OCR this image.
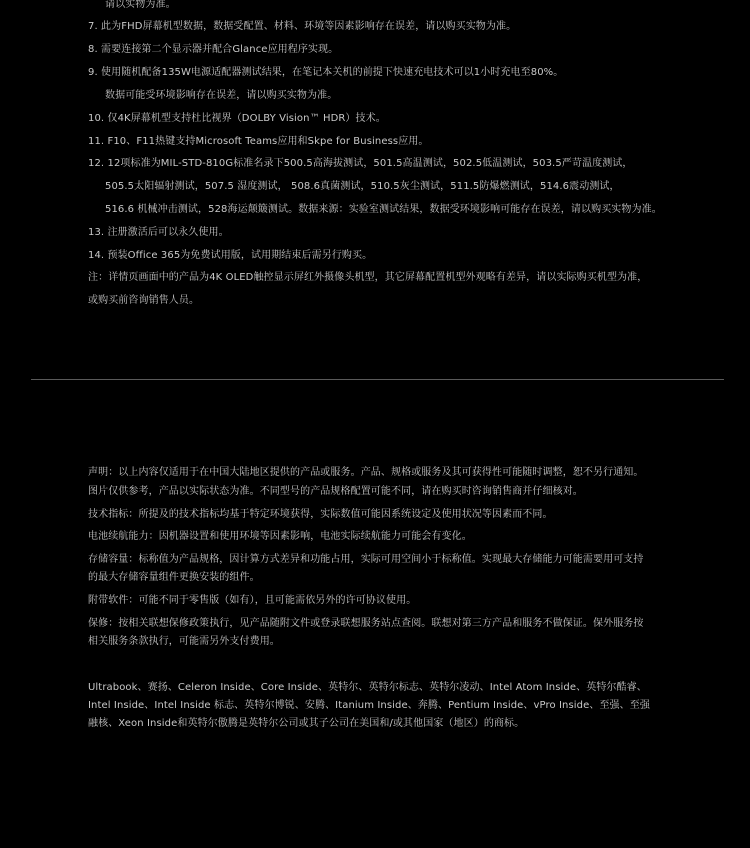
请以实物为准。
7. 此为FHD屏幕机型数据，数据受配置、材料、环境等因素影响存在误差，请以购买实物为准。
8. 需要连接第二个显示器并配合Glance应用程序实现。
9. 使用随机配备135W电源适配器测试结果，在笔记本关机的前提下快速充电技术可以1小时充电至80%。
数据可能受环境影响存在误差，请以购买实物为准。
10. 仅4K屏幕机型支持杜比视界（DOLBY Vision™ HDR）技术。
11. F10、F11热键支持Microsoft Teams应用和Skpe for Business应用。
12. 12项标准为MIL-STD-810G标准名录下500.5高海拔测试，501.5高温测试，502.5低温测试，503.5严苛温度测试，
505.5太阳辐射测试，507.5 湿度测试， 508.6真菌测试，510.5灰尘测试，511.5防爆燃测试，514.6震动测试，
516.6 机械冲击测试，528海运颠簸测试。数据来源：实验室测试结果，数据受环境影响可能存在误差，请以购买实物为准。
13. 注册激活后可以永久使用。
14. 预装Office 365为免费试用版，试用期结束后需另行购买。
注：详情页画面中的产品为4K OLED触控显示屏红外摄像头机型，其它屏幕配置机型外观略有差异，请以实际购买机型为准，
或购买前咨询销售人员。
声明：以上内容仅适用于在中国大陆地区提供的产品或服务。产品、规格或服务及其可获得性可能随时调整，恕不另行通知。
图片仅供参考，产品以实际状态为准。不同型号的产品规格配置可能不同，请在购买时咨询销售商并仔细核对。
技术指标：所提及的技术指标均基于特定环境获得，实际数值可能因系统设定及使用状况等因素而不同。
电池续航能力：因机器设置和使用环境等因素影响，电池实际续航能力可能会有变化。
存储容量：标称值为产品规格，因计算方式差异和功能占用，实际可用空间小于标称值。实现最大存储能力可能需要用可支持
的最大存储容量组件更换安装的组件。
附带软件：可能不同于零售版（如有），且可能需依另外的许可协议使用。
保修：按相关联想保修政策执行，见产品随附文件或登录联想服务站点查阅。联想对第三方产品和服务不做保证。保外服务按
相关服务条款执行，可能需另外支付费用。
Ultrabook、赛扬、Celeron Inside、Core Inside、英特尔、英特尔标志、英特尔凌动、Intel Atom Inside、英特尔酷睿、
Intel Inside、Intel Inside 标志、英特尔博锐、安腾、Itanium Inside、奔腾、Pentium Inside、vPro Inside、至强、至强
融核、Xeon Inside和英特尔傲腾是英特尔公司或其子公司在美国和/或其他国家（地区）的商标。
